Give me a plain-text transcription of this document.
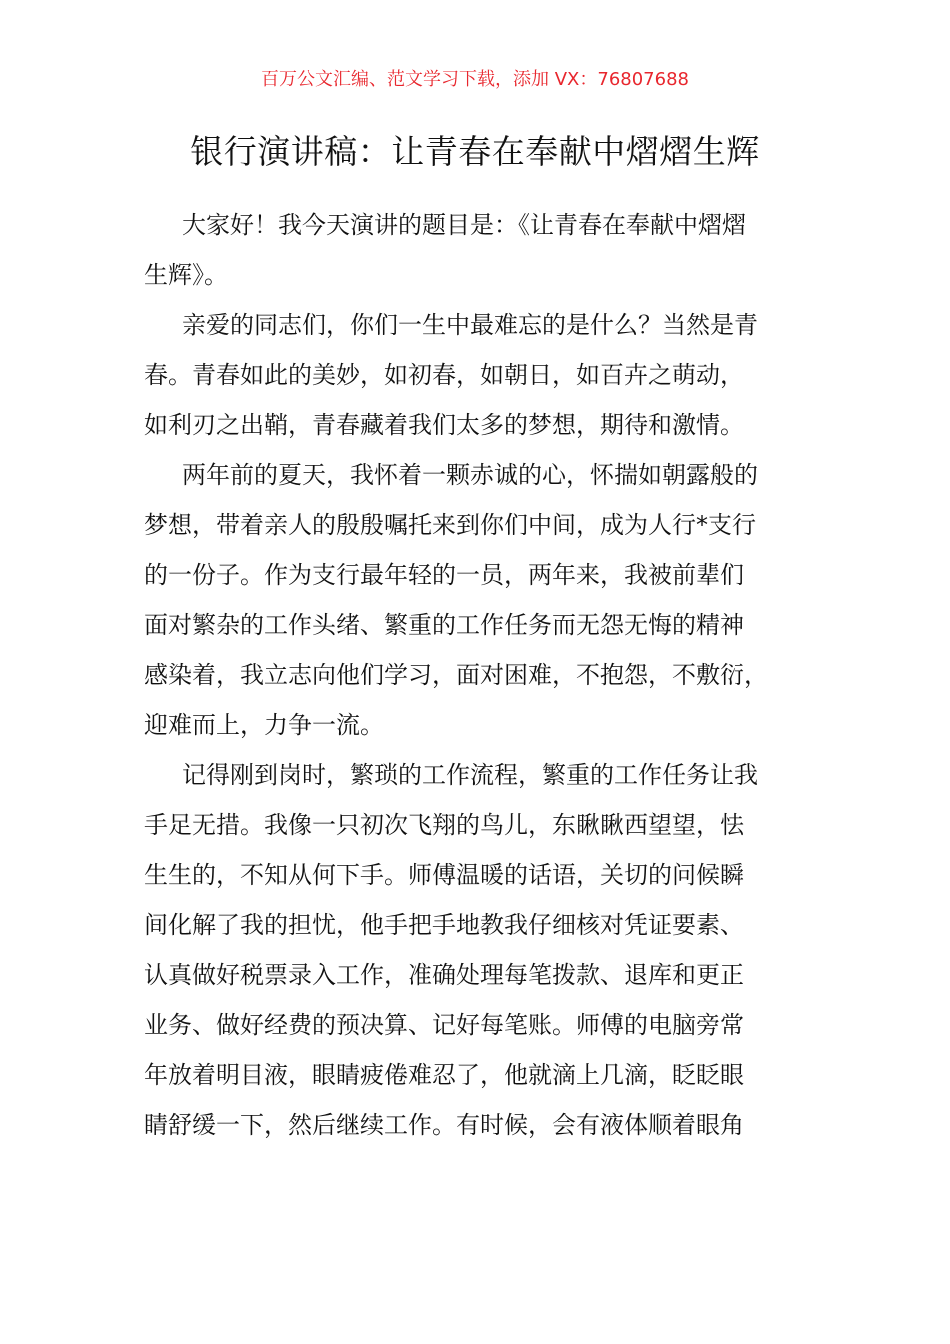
百万公文汇编、范文学习下载，添加 VX：76807688
银行演讲稿：让青春在奉献中熠熠生辉
大家好！我今天演讲的题目是：《让青春在奉献中熠熠
生辉》。
亲爱的同志们，你们一生中最难忘的是什么？当然是青
春。青春如此的美妙，如初春，如朝日，如百卉之萌动，
如利刃之出鞘，青春藏着我们太多的梦想，期待和激情。
两年前的夏天，我怀着一颗赤诚的心，怀揣如朝露般的
梦想，带着亲人的殷殷嘱托来到你们中间，成为人行*支行
的一份子。作为支行最年轻的一员，两年来，我被前辈们
面对繁杂的工作头绪、繁重的工作任务而无怨无悔的精神
感染着，我立志向他们学习，面对困难，不抱怨，不敷衍，
迎难而上，力争一流。
记得刚到岗时，繁琐的工作流程，繁重的工作任务让我
手足无措。我像一只初次飞翔的鸟儿，东瞅瞅西望望，怯
生生的，不知从何下手。师傅温暖的话语，关切的问候瞬
间化解了我的担忧，他手把手地教我仔细核对凭证要素、
认真做好税票录入工作，准确处理每笔拨款、退库和更正
业务、做好经费的预决算、记好每笔账。师傅的电脑旁常
年放着明目液，眼睛疲倦难忍了，他就滴上几滴，眨眨眼
睛舒缓一下，然后继续工作。有时候，会有液体顺着眼角
